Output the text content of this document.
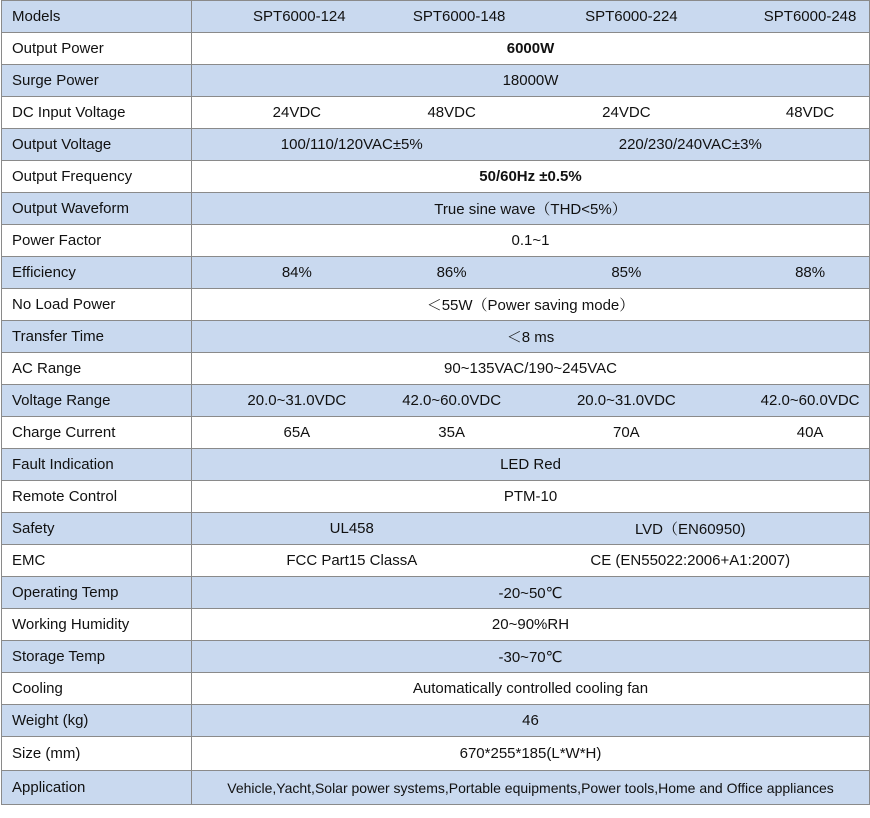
Models	SPT6000-124 SPT6000-148 SPT6000-224 SPT6000-248

Output Power	6000W

Surge Power	18000W

DC Input Voltage	24VDC 48VDC 24VDC 48VDC

Output Voltage	100/110/120VAC±5% 220/230/240VAC±3%

Output Frequency	50/60Hz ±0.5%

Output Waveform	True sine wave（THD<5%）

Power Factor	0.1~1

Efficiency	84% 86% 85% 88%

No Load Power	＜55W（Power saving mode）

Transfer Time	＜8 ms

AC Range	90~135VAC/190~245VAC

Voltage Range	20.0~31.0VDC 42.0~60.0VDC 20.0~31.0VDC 42.0~60.0VDC

Charge Current	65A 35A 70A 40A

Fault Indication	LED Red

Remote Control	PTM-10

Safety	UL458 LVD（EN60950)

EMC	FCC Part15 ClassA CE (EN55022:2006+A1:2007)

Operating Temp	-20~50℃

Working Humidity	20~90%RH

Storage Temp	-30~70℃

Cooling	Automatically controlled cooling fan

Weight (kg)	46

Size (mm)	670*255*185(L*W*H)

Application	Vehicle,Yacht,Solar power systems,Portable equipments,Power tools,Home and Office appliances
